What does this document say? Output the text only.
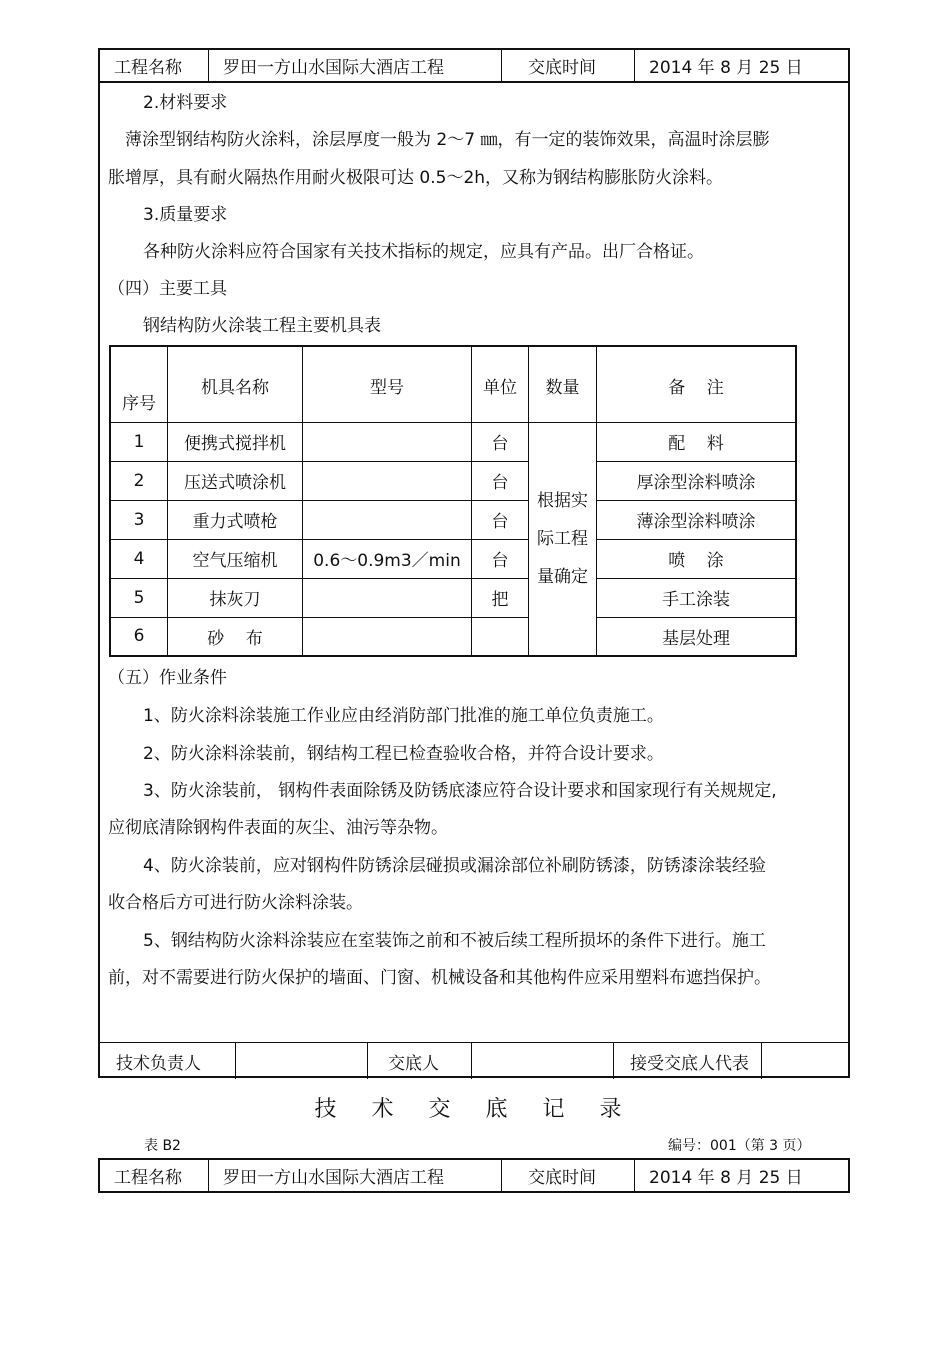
工程名称	罗田一方山水国际大酒店工程	交底时间	2014 年 8 月 25 日
2.材料要求
薄涂型钢结构防火涂料，涂层厚度一般为 2～7 ㎜，有一定的装饰效果，高温时涂层膨
胀增厚，具有耐火隔热作用耐火极限可达 0.5～2h，又称为钢结构膨胀防火涂料。
3.质量要求
各种防火涂料应符合国家有关技术指标的规定，应具有产品。出厂合格证。
（四）主要工具
钢结构防火涂装工程主要机具表
序号	机具名称	型号	单位	数量	备    注
1	便携式搅拌机		台	根据实际工程量确定	配    料
2	压送式喷涂机		台		厚涂型涂料喷涂
3	重力式喷枪		台		薄涂型涂料喷涂
4	空气压缩机	0.6～0.9m3／min	台		喷    涂
5	抹灰刀		把		手工涂装
6	砂    布				基层处理
（五）作业条件
1、防火涂料涂装施工作业应由经消防部门批准的施工单位负责施工。
2、防火涂料涂装前，钢结构工程已检查验收合格，并符合设计要求。
3、防火涂装前， 钢构件表面除锈及防锈底漆应符合设计要求和国家现行有关规规定,
应彻底清除钢构件表面的灰尘、油污等杂物。
4、防火涂装前，应对钢构件防锈涂层碰损或漏涂部位补刷防锈漆，防锈漆涂装经验
收合格后方可进行防火涂料涂装。
5、钢结构防火涂料涂装应在室装饰之前和不被后续工程所损坏的条件下进行。施工
前，对不需要进行防火保护的墙面、门窗、机械设备和其他构件应采用塑料布遮挡保护。
技术负责人		交底人		接受交底人代表	
技 术 交 底 记 录
表 B2	编号：001（第 3 页）
工程名称	罗田一方山水国际大酒店工程	交底时间	2014 年 8 月 25 日
